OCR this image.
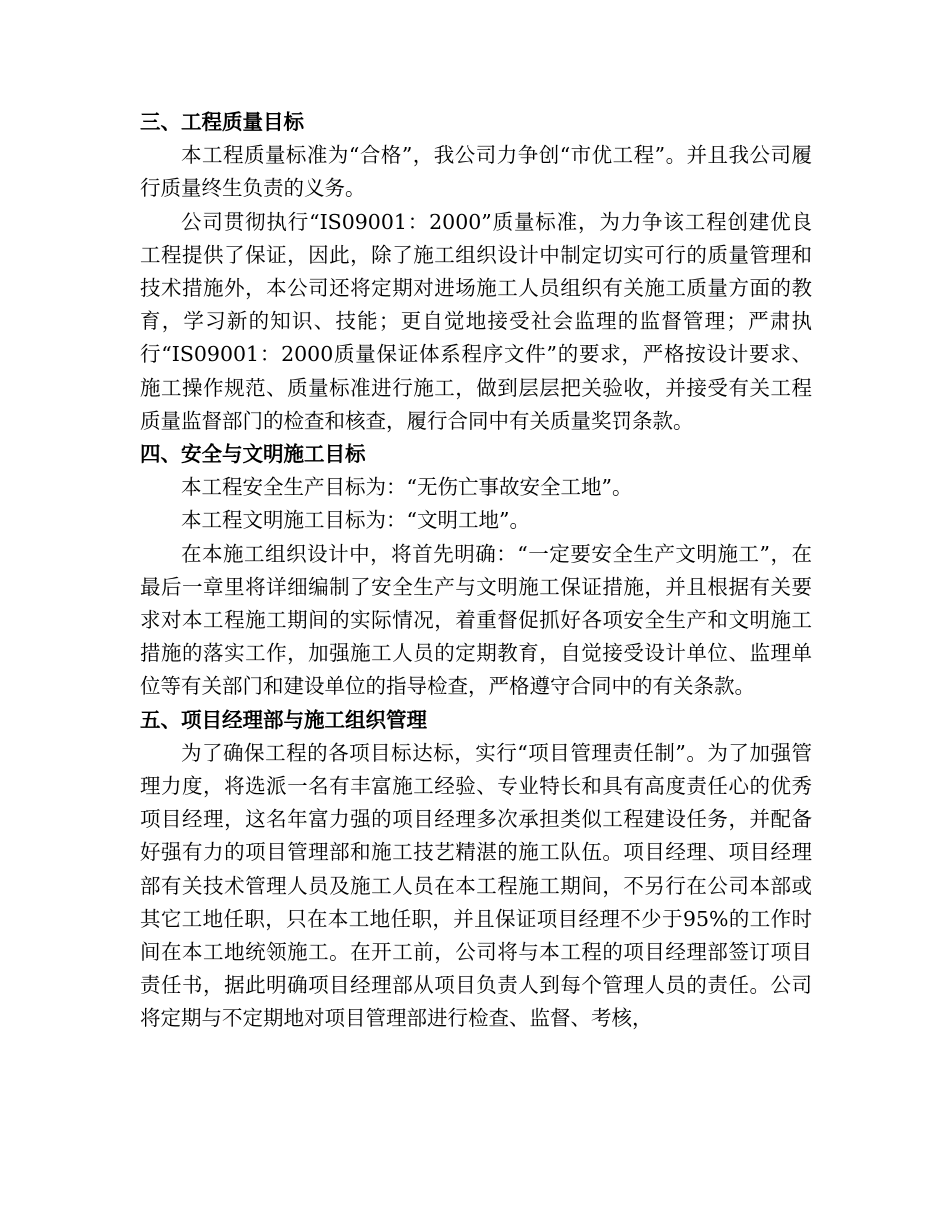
三、工程质量目标

本工程质量标准为“合格”，我公司力争创“市优工程”。并且我公司履行质量终生负责的义务。

公司贯彻执行“IS09001：2000”质量标准，为力争该工程创建优良工程提供了保证，因此，除了施工组织设计中制定切实可行的质量管理和技术措施外，本公司还将定期对进场施工人员组织有关施工质量方面的教育，学习新的知识、技能；更自觉地接受社会监理的监督管理；严肃执行“IS09001：2000质量保证体系程序文件”的要求，严格按设计要求、施工操作规范、质量标准进行施工，做到层层把关验收，并接受有关工程质量监督部门的检查和核查，履行合同中有关质量奖罚条款。

四、安全与文明施工目标

本工程安全生产目标为：“无伤亡事故安全工地”。

本工程文明施工目标为：“文明工地”。

在本施工组织设计中，将首先明确：“一定要安全生产文明施工”，在最后一章里将详细编制了安全生产与文明施工保证措施，并且根据有关要求对本工程施工期间的实际情况，着重督促抓好各项安全生产和文明施工措施的落实工作，加强施工人员的定期教育，自觉接受设计单位、监理单位等有关部门和建设单位的指导检查，严格遵守合同中的有关条款。

五、项目经理部与施工组织管理

为了确保工程的各项目标达标，实行“项目管理责任制”。为了加强管理力度，将选派一名有丰富施工经验、专业特长和具有高度责任心的优秀项目经理，这名年富力强的项目经理多次承担类似工程建设任务，并配备好强有力的项目管理部和施工技艺精湛的施工队伍。项目经理、项目经理部有关技术管理人员及施工人员在本工程施工期间，不另行在公司本部或其它工地任职，只在本工地任职，并且保证项目经理不少于95%的工作时间在本工地统领施工。在开工前，公司将与本工程的项目经理部签订项目责任书，据此明确项目经理部从项目负责人到每个管理人员的责任。公司将定期与不定期地对项目管理部进行检查、监督、考核，
